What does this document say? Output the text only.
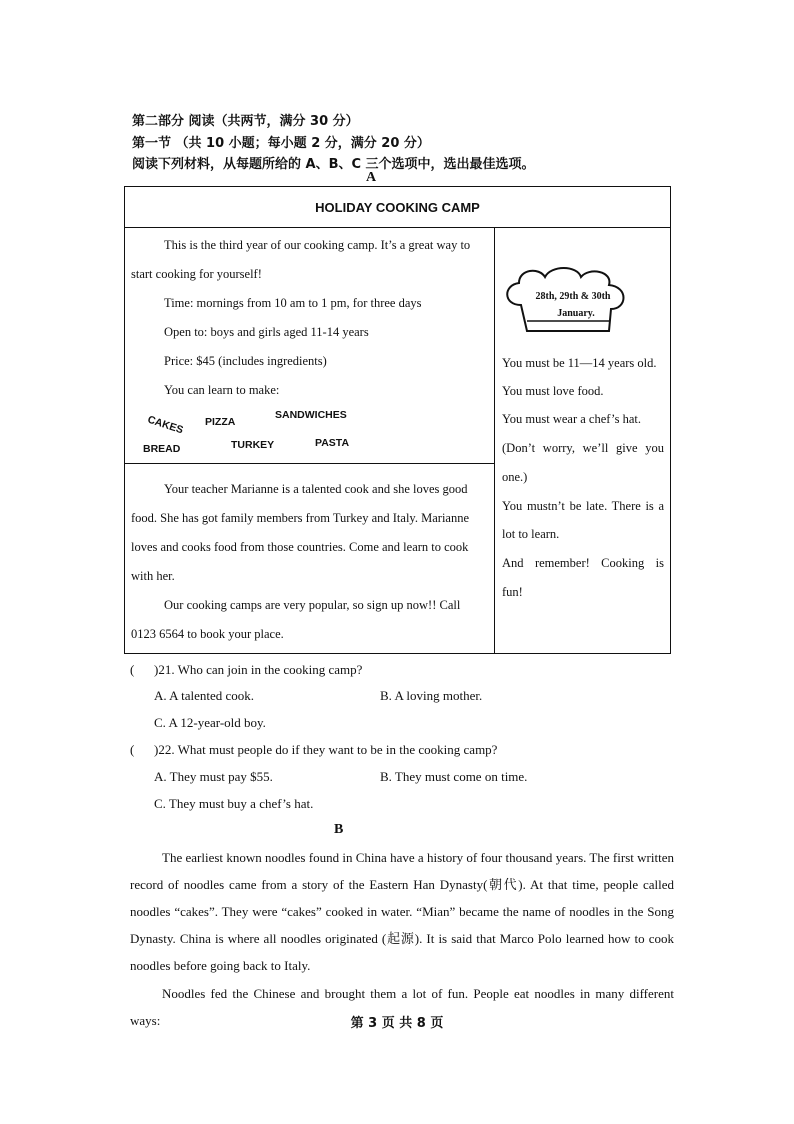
第二部分 阅读（共两节，满分 30 分）
第一节 （共 10 小题；每小题 2 分，满分 20 分）
阅读下列材料，从每题所给的 A、B、C 三个选项中，选出最佳选项。
A
HOLIDAY COOKING CAMP
This is the third year of our cooking camp. It’s a great way to
start cooking for yourself!
Time: mornings from 10 am to 1 pm, for three days
Open to: boys and girls aged 11-14 years
Price: $45 (includes ingredients)
You can learn to make:
CAKES PIZZA
SANDWICHES
BREAD	TURKEY	PASTA
Your teacher Marianne is a talented cook and she loves good
food. She has got family members from Turkey and Italy. Marianne
loves and cooks food from those countries. Come and learn to cook
with her.
Our cooking camps are very popular, so sign up now!! Call
0123 6564 to book your place.
28th, 29th & 30th
January.
You must be 11—14 years old.
You must love food.
You must wear a chef’s hat.
(Don’t worry, we’ll give you
one.)
You mustn’t be late. There is a
lot to learn.
And remember! Cooking is
fun!
( )21. Who can join in the cooking camp?
A. A talented cook.	B. A loving mother.
C. A 12-year-old boy.
( )22. What must people do if they want to be in the cooking camp?
A. They must pay $55.	B. They must come on time.
C. They must buy a chef’s hat.
B
The earliest known noodles found in China have a history of four thousand years. The first written record of noodles came from a story of the Eastern Han Dynasty(朝代). At that time, people called noodles “cakes”. They were “cakes” cooked in water. “Mian” became the name of noodles in the Song Dynasty. China is where all noodles originated (起源). It is said that Marco Polo learned how to cook noodles before going back to Italy.
Noodles fed the Chinese and brought them a lot of fun. People eat noodles in many different ways:	第 3 页 共 8 页
